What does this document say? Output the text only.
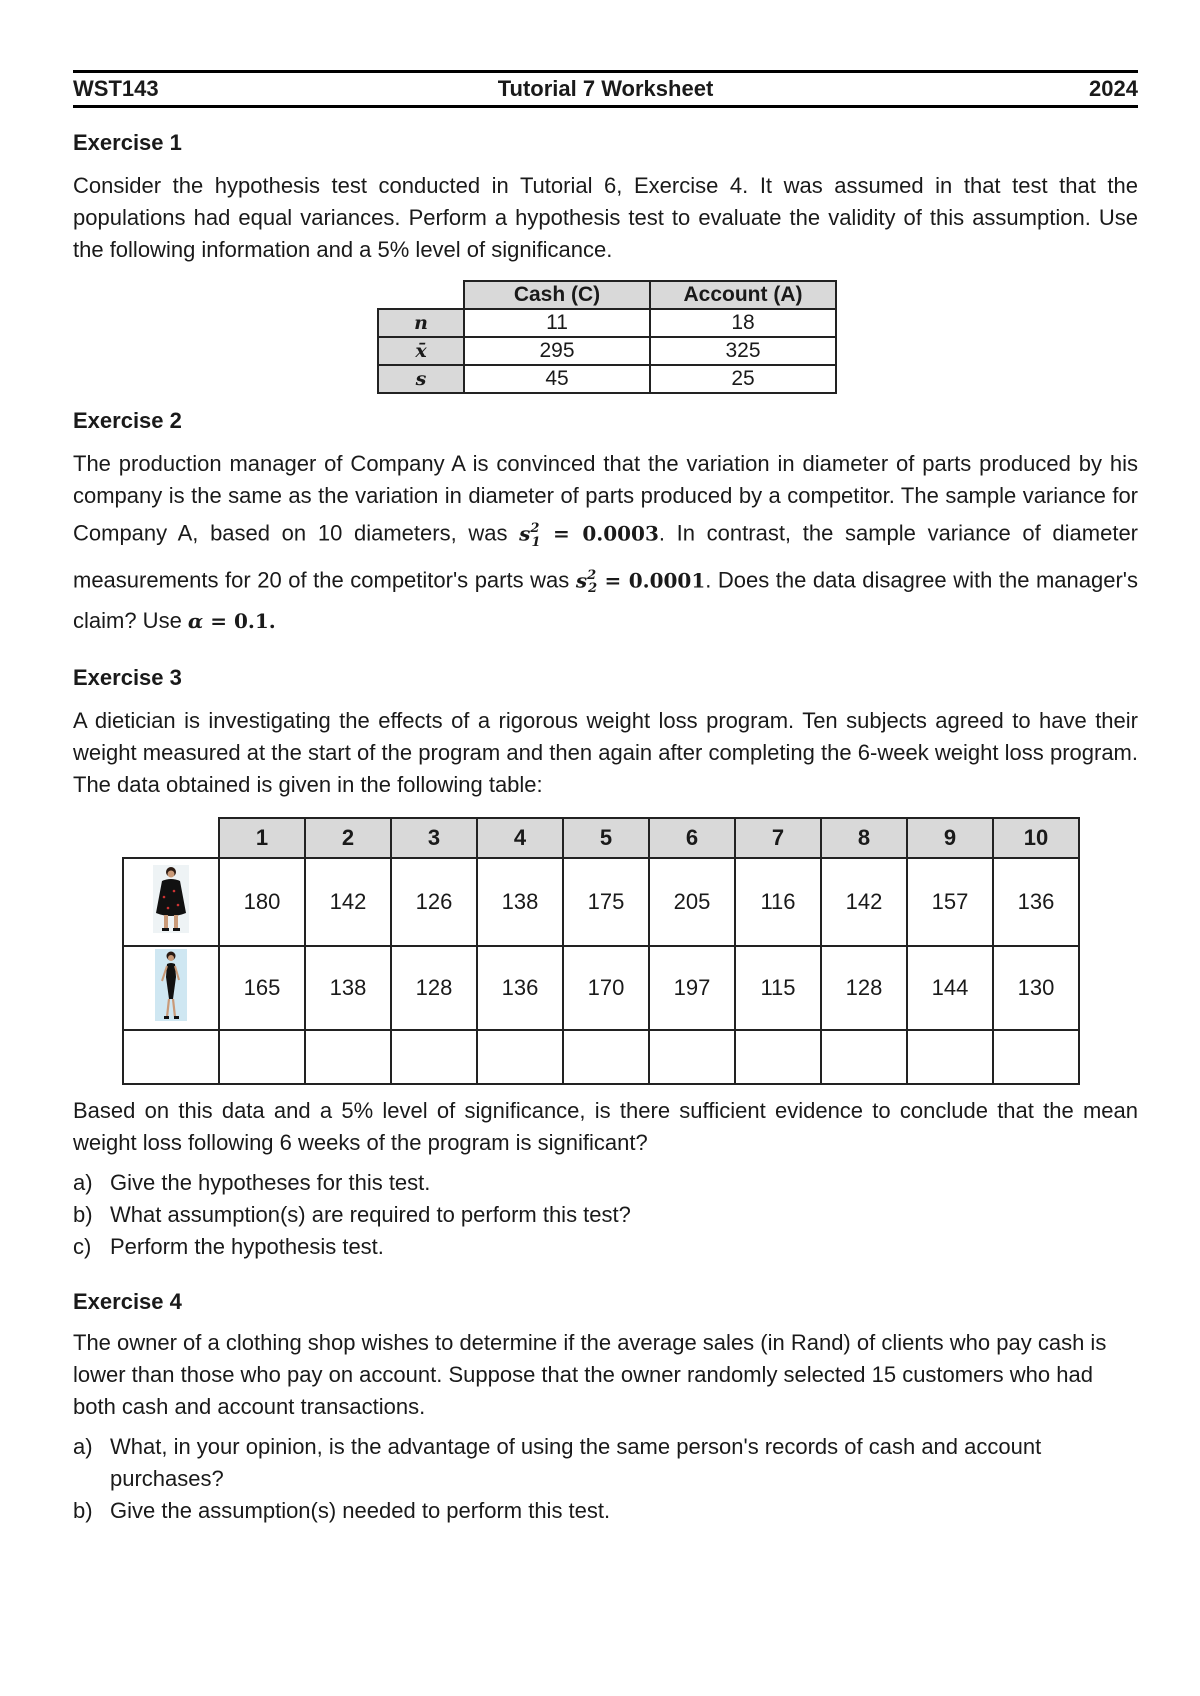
WST143	Tutorial 7 Worksheet	2024
Exercise 1

Consider the hypothesis test conducted in Tutorial 6, Exercise 4. It was assumed in that test that the populations had equal variances. Perform a hypothesis test to evaluate the validity of this assumption. Use the following information and a 5% level of significance.

	Cash (C)	Account (A)
n	11	18
x̄	295	325
s	45	25
Exercise 2

The production manager of Company A is convinced that the variation in diameter of parts produced by his company is the same as the variation in diameter of parts produced by a competitor. The sample variance for Company A, based on 10 diameters, was $s^2_1 = 0.0003$. In contrast, the sample variance of diameter measurements for 20 of the competitor's parts was $s^2_2 = 0.0001$. Does the data disagree with the manager's claim? Use α = 0.1.

Exercise 3

A dietician is investigating the effects of a rigorous weight loss program. Ten subjects agreed to have their weight measured at the start of the program and then again after completing the 6-week weight loss program. The data obtained is given in the following table:

	1	2	3	4	5	6	7	8	9	10
	180	142	126	138	175	205	116	142	157	136
	165	138	128	136	170	197	115	128	144	130

Based on this data and a 5% level of significance, is there sufficient evidence to conclude that the mean weight loss following 6 weeks of the program is significant?

a) Give the hypotheses for this test.
b) What assumption(s) are required to perform this test?
c) Perform the hypothesis test.
Exercise 4

The owner of a clothing shop wishes to determine if the average sales (in Rand) of clients who pay cash is lower than those who pay on account. Suppose that the owner randomly selected 15 customers who had both cash and account transactions.

a) What, in your opinion, is the advantage of using the same person's records of cash and account purchases?
b) Give the assumption(s) needed to perform this test.
